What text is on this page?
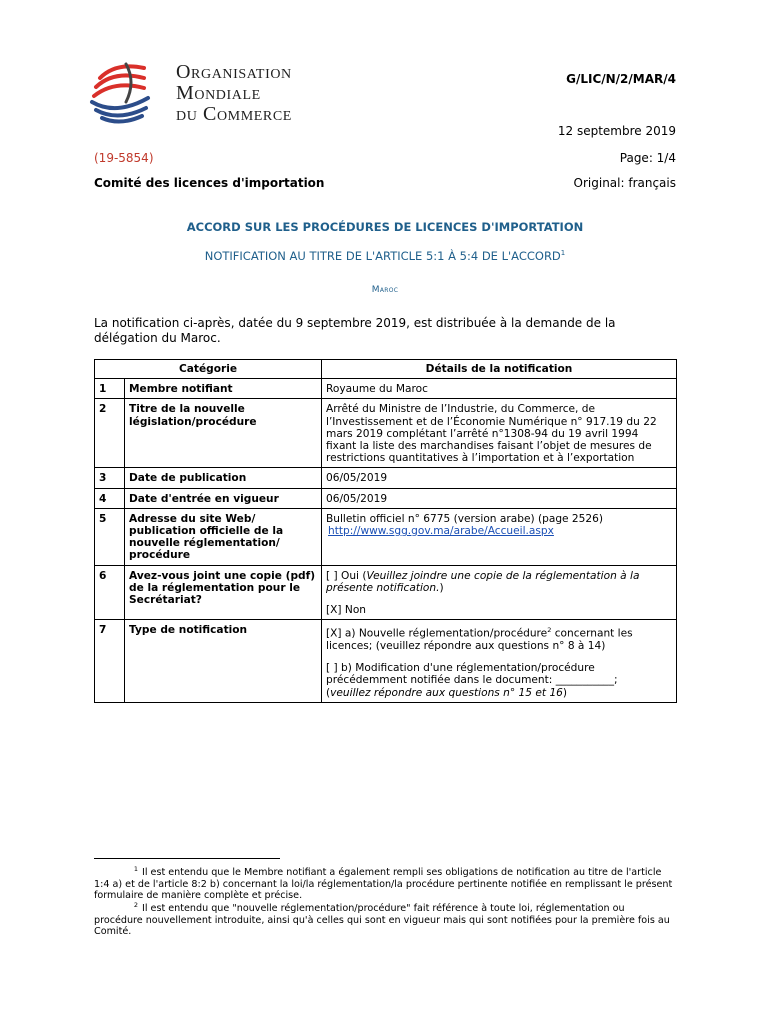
Organisation
Mondiale
du Commerce
G/LIC/N/2/MAR/4
12 septembre 2019
(19-5854)	Page: 1/4
Comité des licences d'importation	Original: français
ACCORD SUR LES PROCÉDURES DE LICENCES D'IMPORTATION
NOTIFICATION AU TITRE DE L'ARTICLE 5:1 À 5:4 DE L'ACCORD$^1$
Maroc
La notification ci-après, datée du 9 septembre 2019, est distribuée à la demande de la délégation du Maroc.
Catégorie		Détails de la notification
1	Membre notifiant	Royaume du Maroc
2	Titre de la nouvelle législation/procédure	Arrêté du Ministre de l’Industrie, du Commerce, de l’Investissement et de l’Économie Numérique n° 917.19 du 22 mars 2019 complétant l’arrêté n°1308-94 du 19 avril 1994 fixant la liste des marchandises faisant l’objet de mesures de restrictions quantitatives à l’importation et à l’exportation
3	Date de publication	06/05/2019
4	Date d'entrée en vigueur	06/05/2019
5	Adresse du site Web/ publication officielle de la nouvelle réglementation/ procédure	Bulletin officiel n° 6775 (version arabe) (page 2526)
http://www.sgg.gov.ma/arabe/Accueil.aspx

6	Avez-vous joint une copie (pdf) de la réglementation pour le Secrétariat?	[ ] Oui (Veuillez joindre une copie de la réglementation à la présente notification.)
[X] Non

7	Type de notification	[X] a) Nouvelle réglementation/procédure$^2$ concernant les licences; (veuillez répondre aux questions n° 8 à 14)
[ ] b) Modification d'une réglementation/procédure précédemment notifiée dans le document: ___________;
(veuillez répondre aux questions n° 15 et 16)
$^1$ Il est entendu que le Membre notifiant a également rempli ses obligations de notification au titre de l'article 1:4 a) et de l'article 8:2 b) concernant la loi/la réglementation/la procédure pertinente notifiée en remplissant le présent formulaire de manière complète et précise.
$^2$ Il est entendu que "nouvelle réglementation/procédure" fait référence à toute loi, réglementation ou procédure nouvellement introduite, ainsi qu'à celles qui sont en vigueur mais qui sont notifiées pour la première fois au Comité.
